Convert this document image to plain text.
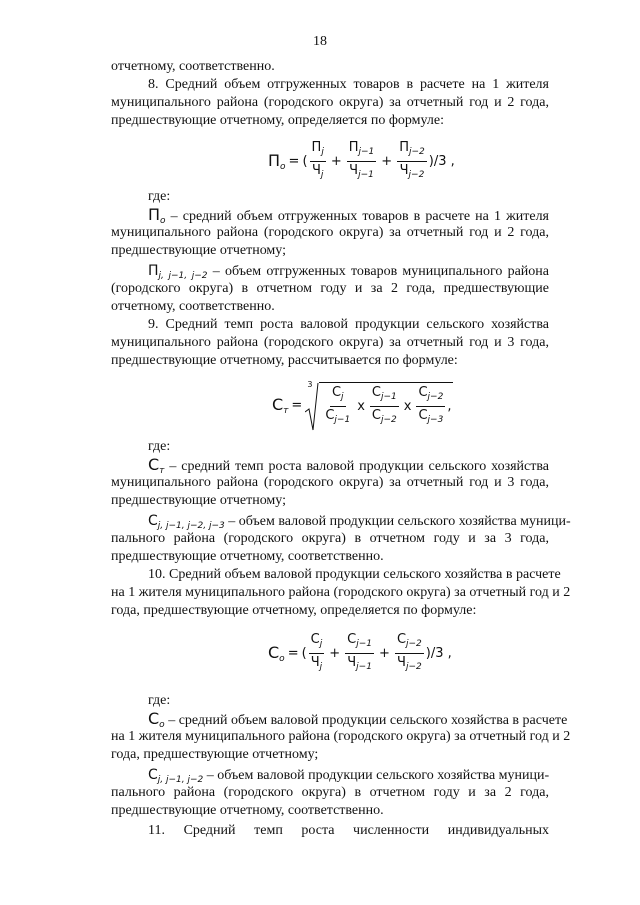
18
отчетному, соответственно.
8. Средний объем отгруженных товаров в расчете на 1 жителя
муниципального района (городского округа) за отчетный год и 2 года,
предшествующие отчетному, определяется по формуле:
$П_о$ = ( $\frac{П_j}{Ч_j} + \frac{П_{j-1}}{Ч_{j-1}} + \frac{П_{j-2}}{Ч_{j-2}} )/3$ ,
где:
$П_о$ – средний объем отгруженных товаров в расчете на 1 жителя
муниципального района (городского округа) за отчетный год и 2 года,
предшествующие отчетному;
$П_{j, j-1, j-2}$ – объем отгруженных товаров муниципального района
(городского округа) в отчетном году и за 2 года, предшествующие
отчетному, соответственно.
9. Средний темп роста валовой продукции сельского хозяйства
муниципального района (городского округа) за отчетный год и 3 года,
предшествующие отчетному, рассчитывается по формуле:
$С_т$ =
3
$\frac{С_j}{С_{j-1}}$ x $\frac{С_{j-1}}{С_{j-2}}$ x $\frac{С_{j-2}}{С_{j-3}}$ ,
где:
$С_т$ – средний темп роста валовой продукции сельского хозяйства
муниципального района (городского округа) за отчетный год и 3 года,
предшествующие отчетному;
$С_{j, j-1, j-2, j-3}$ – объем валовой продукции сельского хозяйства муници-
пального района (городского округа) в отчетном году и за 3 года,
предшествующие отчетному, соответственно.
10. Средний объем валовой продукции сельского хозяйства в расчете
на 1 жителя муниципального района (городского округа) за отчетный год и 2
года, предшествующие отчетному, определяется по формуле:
$С_о$ = ( $\frac{С_j}{Ч_j} + \frac{С_{j-1}}{Ч_{j-1}} + \frac{С_{j-2}}{Ч_{j-2}} )/3$ ,
где:
$С_о$ – средний объем валовой продукции сельского хозяйства в расчете
на 1 жителя муниципального района (городского округа) за отчетный год и 2
года, предшествующие отчетному;
$С_{j, j-1, j-2}$ – объем валовой продукции сельского хозяйства муници-
пального района (городского округа) в отчетном году и за 2 года,
предшествующие отчетному, соответственно.
11. Средний темп роста численности индивидуальных
